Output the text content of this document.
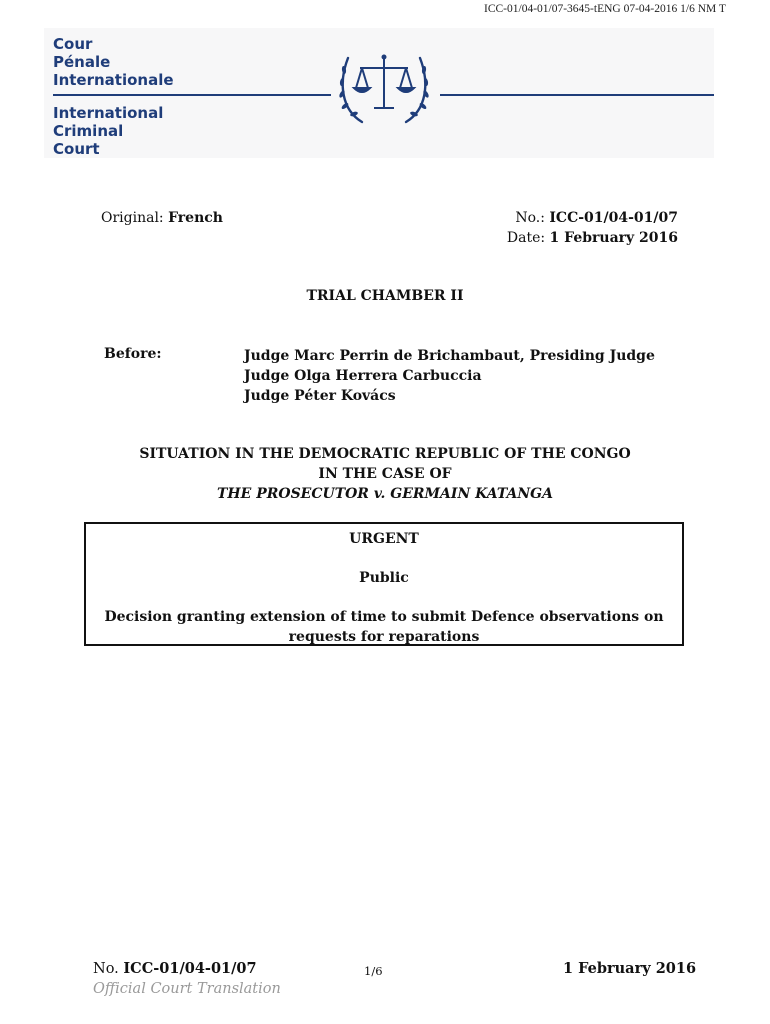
ICC-01/04-01/07-3645-tENG 07-04-2016 1/6 NM T
Cour
Pénale
Internationale
International
Criminal
Court
Original: French	No.: ICC-01/04-01/07
Date: 1 February 2016
TRIAL CHAMBER II
Before:	Judge Marc Perrin de Brichambaut, Presiding Judge
Judge Olga Herrera Carbuccia
Judge Péter Kovács
SITUATION IN THE DEMOCRATIC REPUBLIC OF THE CONGO
IN THE CASE OF
THE PROSECUTOR v. GERMAIN KATANGA
URGENT
Public
Decision granting extension of time to submit Defence observations on requests for reparations
No. ICC-01/04-01/07	1/6	1 February 2016
Official Court Translation
